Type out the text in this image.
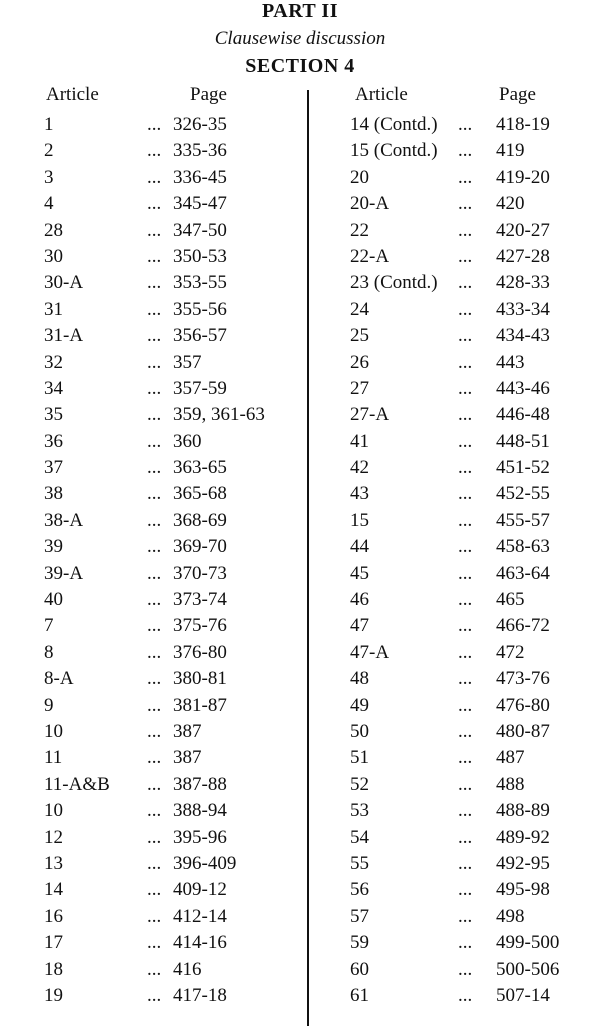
PART II
Clausewise discussion
SECTION 4
Article	Page
1	... 326-35
2	... 335-36
3	... 336-45
4	... 345-47
28	... 347-50
30	... 350-53
30-A	... 353-55
31	... 355-56
31-A	... 356-57
32	... 357
34	... 357-59
35	... 359, 361-63
36	... 360
37	... 363-65
38	... 365-68
38-A	... 368-69
39	... 369-70
39-A	... 370-73
40	... 373-74
7	... 375-76
8	... 376-80
8-A	... 380-81
9	... 381-87
10	... 387
11	... 387
11-A&B ... 387-88
10	... 388-94
12	... 395-96
13	... 396-409
14	... 409-12
16	... 412-14
17	... 414-16
18	... 416
19	... 417-18
Article	Page
14 (Contd.) ... 418-19
15 (Contd.) ... 419
20	... 419-20
20-A	... 420
22	... 420-27
22-A	... 427-28
23 (Contd.) ... 428-33
24	... 433-34
25	... 434-43
26	... 443
27	... 443-46
27-A	... 446-48
41	... 448-51
42	... 451-52
43	... 452-55
15	... 455-57
44	... 458-63
45	... 463-64
46	... 465
47	... 466-72
47-A	... 472
48	... 473-76
49	... 476-80
50	... 480-87
51	... 487
52	... 488
53	... 488-89
54	... 489-92
55	... 492-95
56	... 495-98
57	... 498
59	... 499-500
60	... 500-506
61	... 507-14
